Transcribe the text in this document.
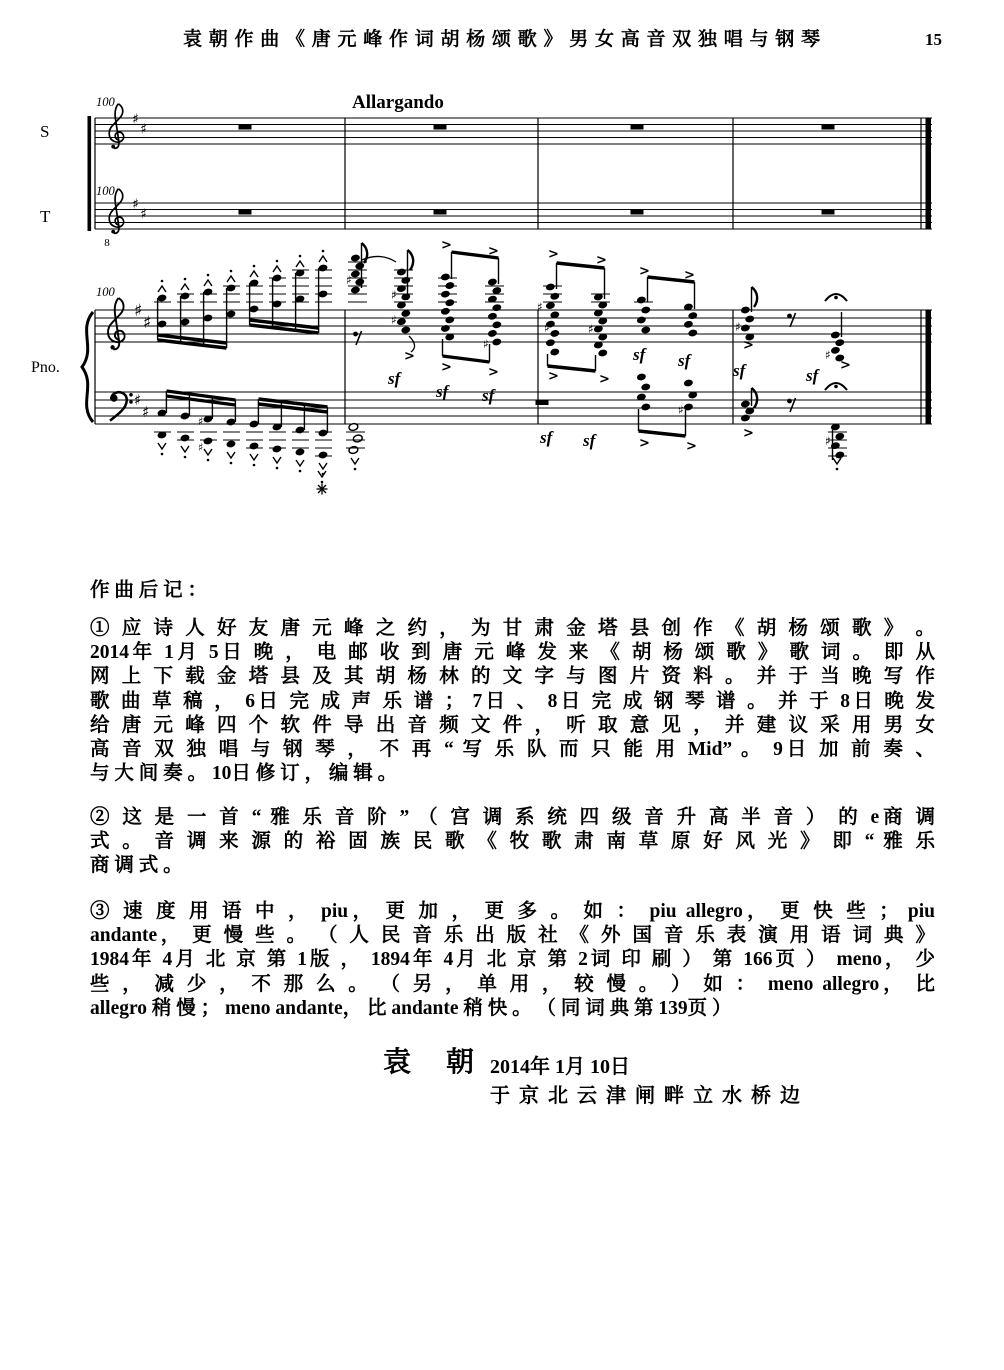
袁 朝 作 曲 《 唐 元 峰 作 词 胡 杨 颂 歌 》 男 女 高 音 双 独 唱 与 钢 琴	15
S
T
Pno.
8
100
100
100
Allargando
♯
♯
♯
♯
♯
♯
♯
♯
♯
♯
♯
♯
♯
♯
♯
♯	♯
♯
♯
♯
♯
>
>	>
>	>
>	>
>	>
>	>
>	>
>
>
>
sf
sf sf
sf sf
sf sf
sf	sf
作 曲 后 记 ：
① 应 诗 人 好 友 唐 元 峰 之 约 ， 为 甘 肃 金 塔 县 创 作 《 胡 杨 颂 歌 》 。
2014年 1月 5日 晚 ， 电 邮 收 到 唐 元 峰 发 来 《 胡 杨 颂 歌 》 歌 词 。 即 从
网 上 下 载 金 塔 县 及 其 胡 杨 林 的 文 字 与 图 片 资 料 。 并 于 当 晚 写 作
歌 曲 草 稿 ， 6日 完 成 声 乐 谱 ； 7日 、 8日 完 成 钢 琴 谱 。 并 于 8日 晚 发
给 唐 元 峰 四 个 软 件 导 出 音 频 文 件 ， 听 取 意 见 ， 并 建 议 采 用 男 女
高 音 双 独 唱 与 钢 琴 ， 不 再 “ 写 乐 队 而 只 能 用 Mid” 。 9日 加 前 奏 、
与 大 间 奏 。 10日 修 订 ， 编 辑 。
② 这 是 一 首 “ 雅 乐 音 阶 ” （ 宫 调 系 统 四 级 音 升 高 半 音 ） 的 e商 调
式 。 音 调 来 源 的 裕 固 族 民 歌 《 牧 歌 肃 南 草 原 好 风 光 》 即 “ 雅 乐
商 调 式 。
③ 速 度 用 语 中 ， piu， 更 加 ， 更 多 。 如 ： piu allegro， 更 快 些 ； piu
andante， 更 慢 些 。 （ 人 民 音 乐 出 版 社 《 外 国 音 乐 表 演 用 语 词 典 》
1984年 4月 北 京 第 1版 ， 1894年 4月 北 京 第 2词 印 刷 ） 第 166页 ） meno， 少
些 ， 减 少 ， 不 那 么 。 （ 另 ， 单 用 ， 较 慢 。 ） 如 ： meno allegro， 比
allegro 稍 慢 ； meno andante， 比 andante 稍 快 。 （ 同 词 典 第 139页 ）
袁 朝 2014年 1月 10日
于 京 北 云 津 闸 畔 立 水 桥 边
